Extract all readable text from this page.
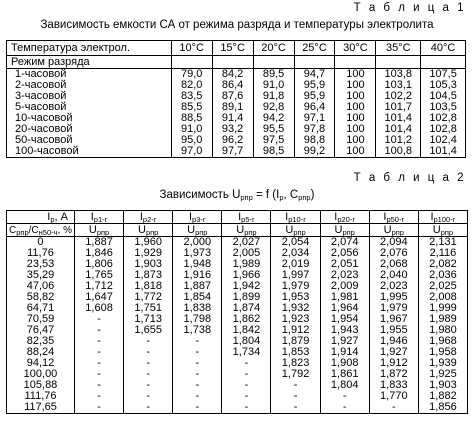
Т а б л и ц а 1
Зависимость емкости СА от режима разряда и температуры электролита
Температура электрол.	10°С	15°С	20°С	25°С	30°С	35°С	40°С
Режим разряда							
1-часовой	79,0	84,2	89,5	94,7	100	103,8	107,5
2-часовой	82,0	86,4	91,0	95,9	100	103,1	105,3
3-часовой	83,5	87,6	91,8	95,9	100	102,2	104,5
5-часовой	85,5	89,1	92,8	96,4	100	101,7	103,5
10-часовой	88,5	91,4	94,2	97,1	100	101,4	102,8
20-часовой	91,0	93,2	95,5	97,8	100	101,4	102,8
50-часовой	95,0	96,2	97,5	98,8	100	101,2	102,4
100-часовой	97,0	97,7	98,5	99,2	100	100,8	101,4
Т а б л и ц а 2
Зависимость $U_{рпр} = f$ ($I_р$, $С_{рпр}$)
$I_р$, А	$I_{р1-г}$	$I_{р2-г}$	$I_{р3-г}$	$I_{р5-г}$	$I_{р10-г}$	$I_{р20-г}$	$I_{р50-г}$	$I_{р100-г}$
$С_{рпр}/С_{н50-ч}$, %	$U_{рпр}$	$U_{рпр}$	$U_{рпр}$	$U_{рпр}$	$U_{рпр}$	$U_{рпр}$	$U_{рпр}$	$U_{рпр}$
0	1,887	1,960	2,000	2,027	2,054	2,074	2,094	2,131
11,76	1,846	1,929	1,973	2,005	2,034	2,056	2,076	2,116
23,53	1,806	1,903	1,948	1,989	2,019	2,051	2,068	2,082
35,29	1,765	1,873	1,916	1,966	1,997	2,023	2,040	2,036
47,06	1,712	1,818	1,887	1,942	1,979	2,009	2,023	2,025
58,82	1,647	1,772	1,854	1,899	1,953	1,981	1,995	2,008
64,71	1,608	1,751	1,838	1,874	1,932	1,964	1,979	1,999
70,59	-	1,713	1,798	1,862	1,923	1,954	1,967	1,989
76,47	-	1,655	1,738	1,842	1,912	1,943	1,955	1,980
82,35	-	-	-	1,804	1,879	1,927	1,946	1,968
88,24	-	-	-	1,734	1,853	1,914	1,927	1,958
94,12	-	-	-	-	1,823	1,908	1,912	1,939
100,00	-	-	-	-	1,792	1,861	1,872	1,925
105,88	-	-	-	-	-	1,804	1,833	1,903
111,76	-	-	-	-	-	-	1,770	1,882
117,65	-	-	-	-	-	-	-	1,856
